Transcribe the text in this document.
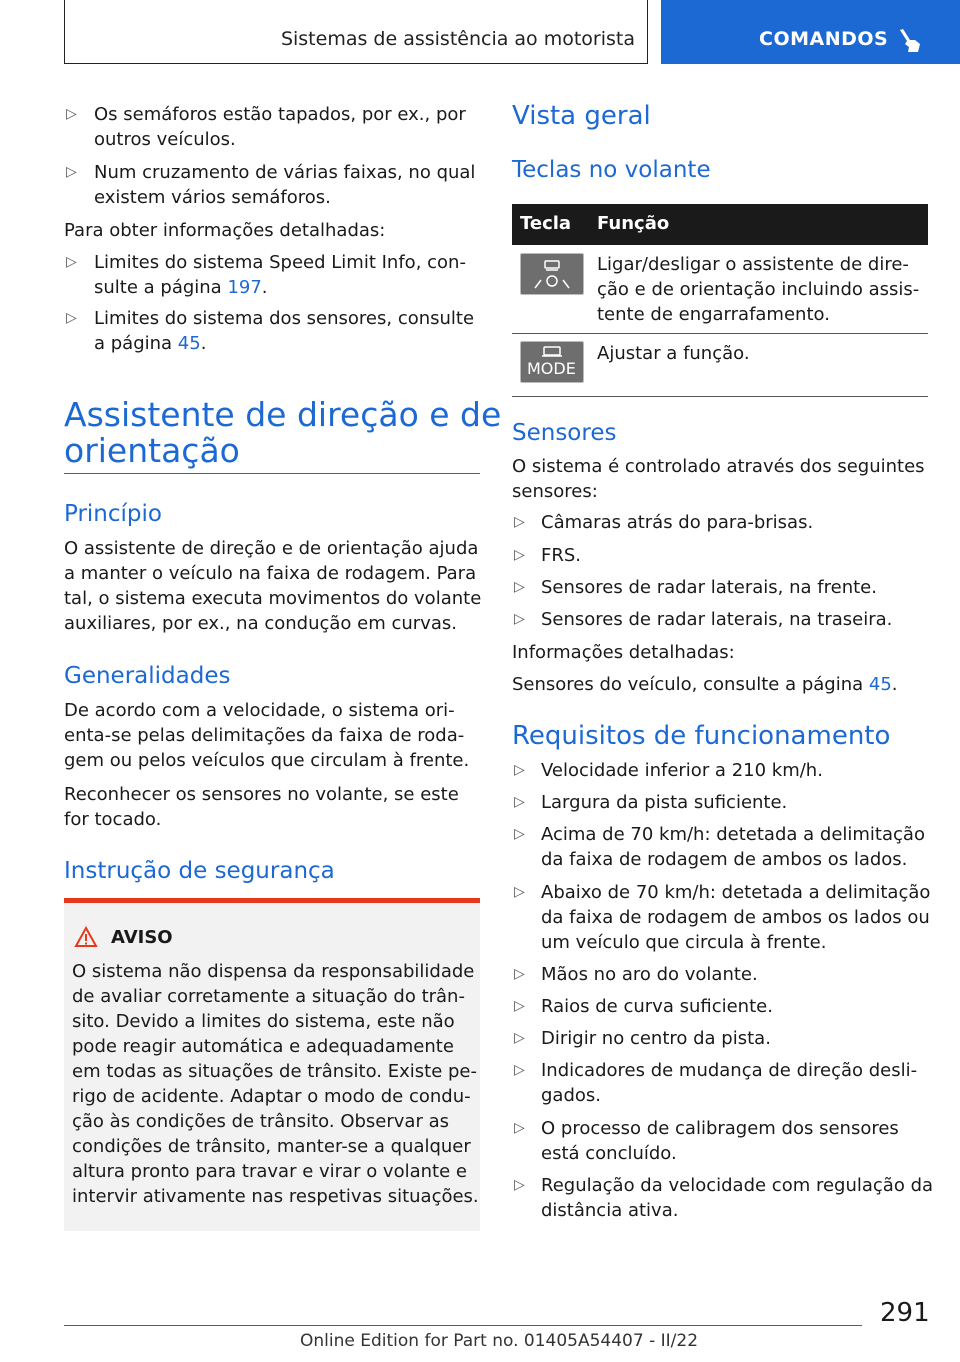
Sistemas de assistência ao motorista	COMANDOS
291
Online Edition for Part no. 01405A54407 - II/22
▷ Os semáforos estão tapados, por ex., por
outros veículos.
▷ Num cruzamento de várias faixas, no qual
existem vários semáforos.
Para obter informações detalhadas:
▷ Limites do sistema Speed Limit Info, con-
sulte a página 197.
▷ Limites do sistema dos sensores, consulte
a página 45.
Assistente de direção e de
orientação
Princípio
O assistente de direção e de orientação ajuda
a manter o veículo na faixa de rodagem. Para
tal, o sistema executa movimentos do volante
auxiliares, por ex., na condução em curvas.
Generalidades
De acordo com a velocidade, o sistema ori-
enta-se pelas delimitações da faixa de roda-
gem ou pelos veículos que circulam à frente.
Reconhecer os sensores no volante, se este
for tocado.
Instrução de segurança
AVISO
O sistema não dispensa da responsabilidade
de avaliar corretamente a situação do trân-
sito. Devido a limites do sistema, este não
pode reagir automática e adequadamente
em todas as situações de trânsito. Existe pe-
rigo de acidente. Adaptar o modo de condu-
ção às condições de trânsito. Observar as
condições de trânsito, manter-se a qualquer
altura pronto para travar e virar o volante e
intervir ativamente nas respetivas situações.
Vista geral
Teclas no volante
Tecla Função
Ligar/desligar o assistente de dire-
ção e de orientação incluindo assis-
tente de engarrafamento.
MODE
Ajustar a função.
Sensores
O sistema é controlado através dos seguintes
sensores:
▷ Câmaras atrás do para-brisas.
▷ FRS.
▷ Sensores de radar laterais, na frente.
▷ Sensores de radar laterais, na traseira.
Informações detalhadas:
Sensores do veículo, consulte a página 45.
Requisitos de funcionamento
▷ Velocidade inferior a 210 km/h.
▷ Largura da pista suficiente.
▷ Acima de 70 km/h: detetada a delimitação
da faixa de rodagem de ambos os lados.
▷ Abaixo de 70 km/h: detetada a delimitação
da faixa de rodagem de ambos os lados ou
um veículo que circula à frente.
▷ Mãos no aro do volante.
▷ Raios de curva suficiente.
▷ Dirigir no centro da pista.
▷ Indicadores de mudança de direção desli-
gados.
▷ O processo de calibragem dos sensores
está concluído.
▷ Regulação da velocidade com regulação da
distância ativa.
